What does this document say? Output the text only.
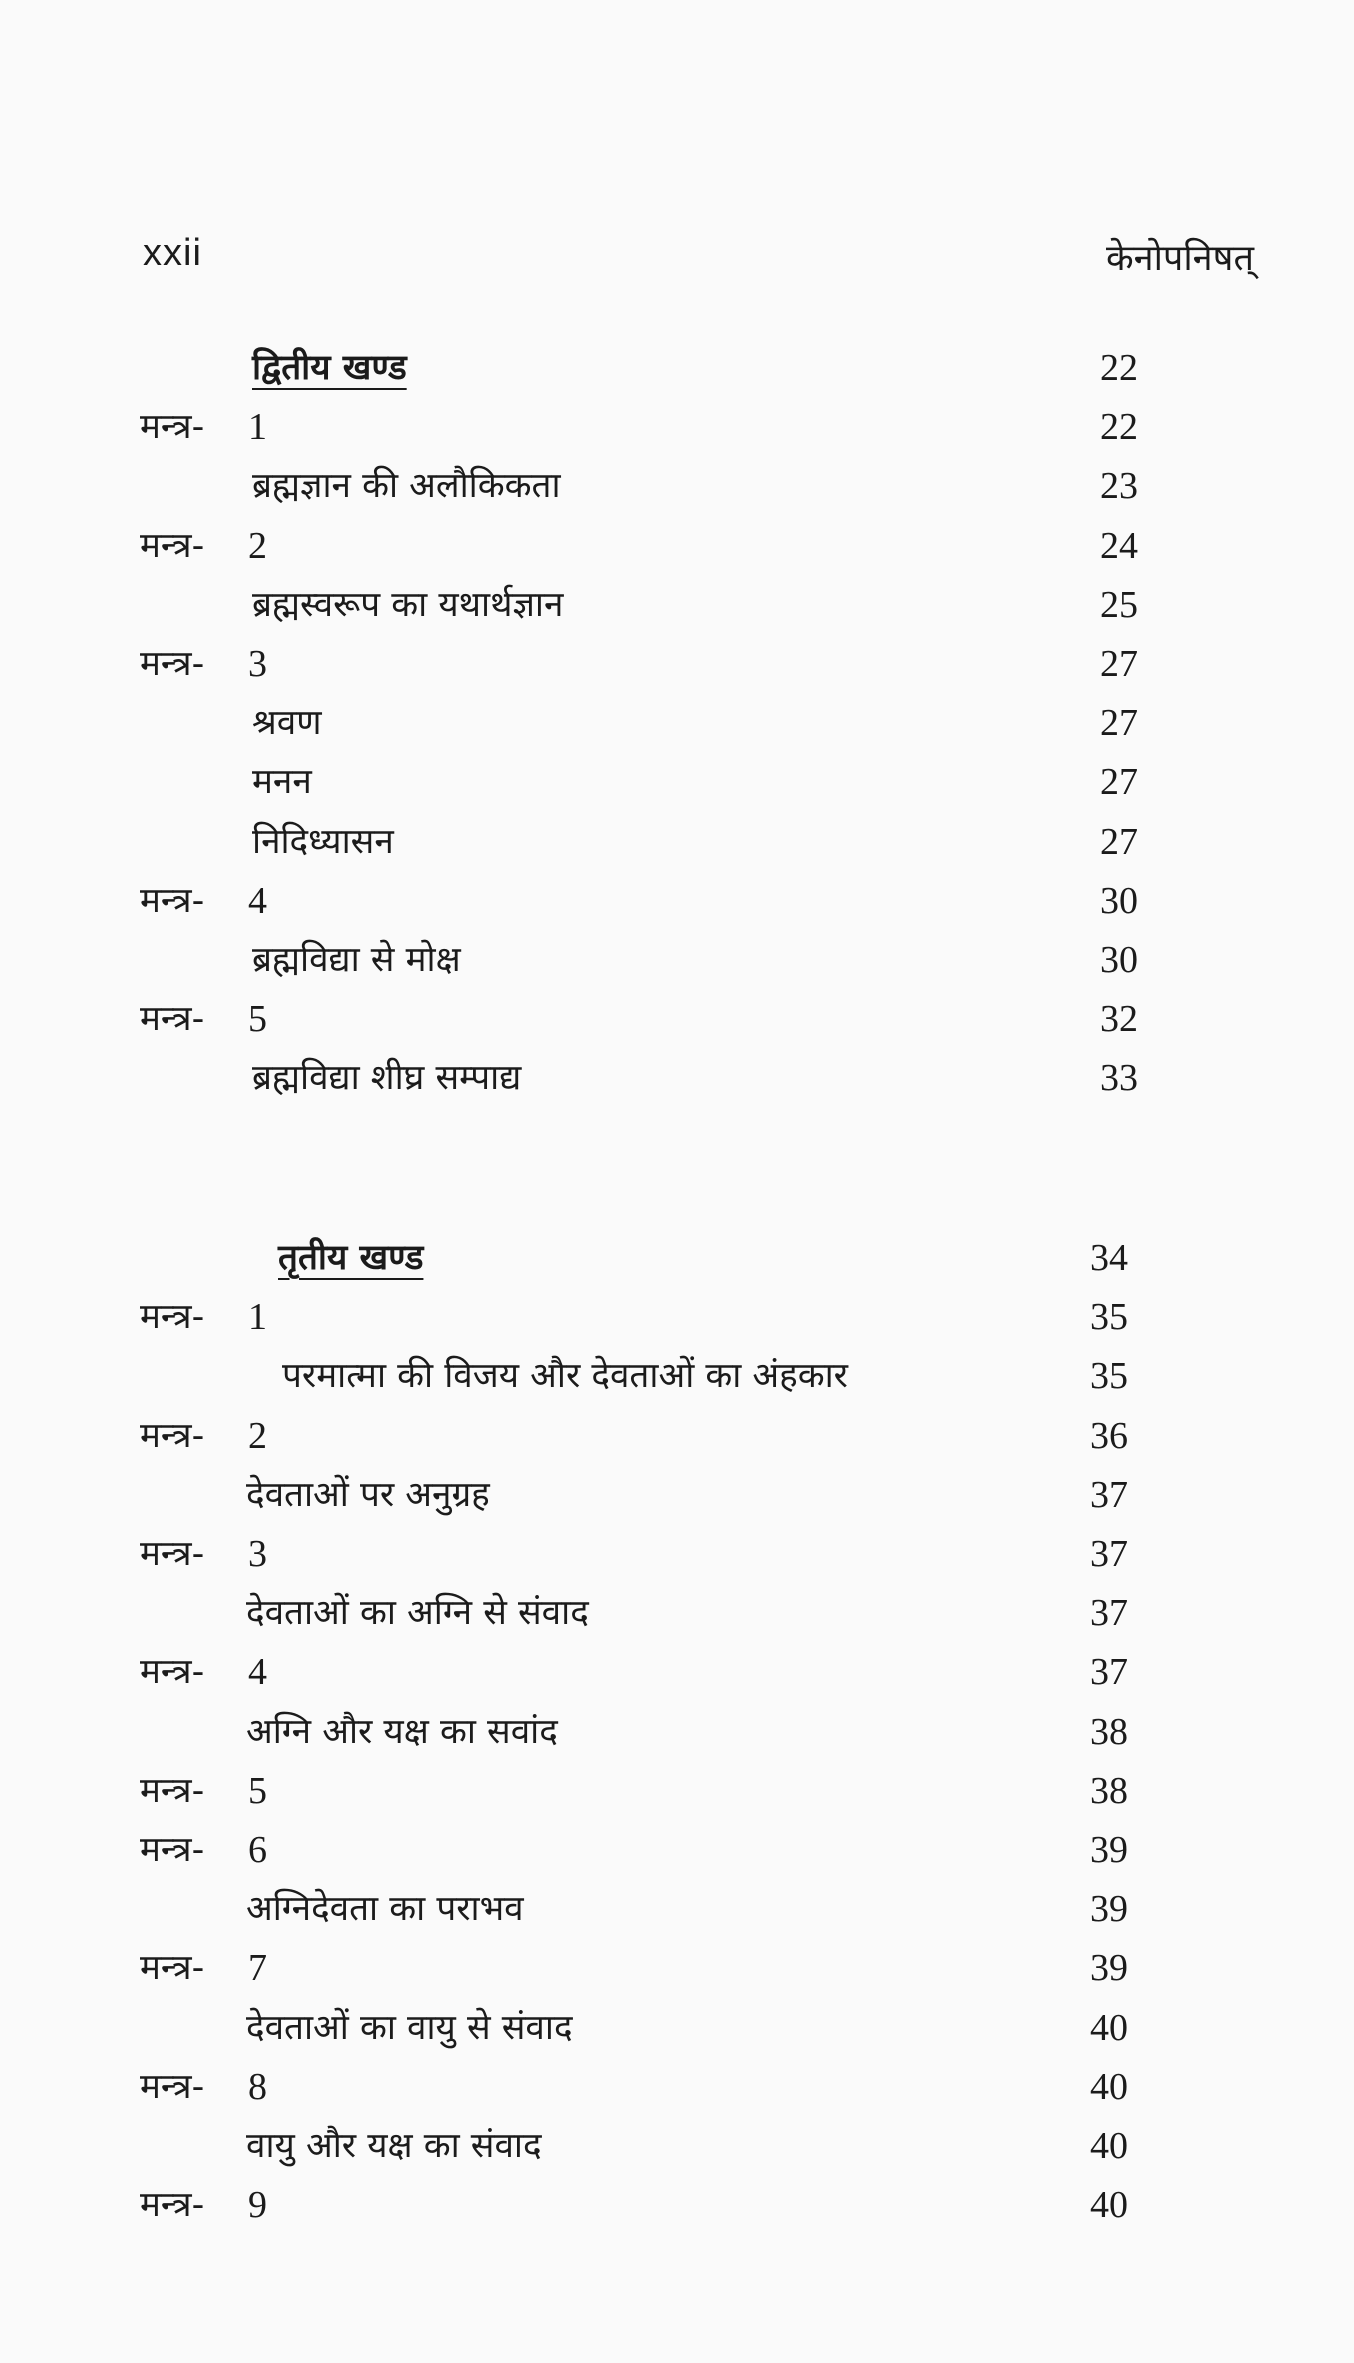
xxii	केनोपनिषत्
द्वितीय खण्ड	22
मन्त्र- 1	22
ब्रह्मज्ञान की अलौकिकता	23
मन्त्र- 2	24
ब्रह्मस्वरूप का यथार्थज्ञान	25
मन्त्र- 3	27
श्रवण	27
मनन	27
निदिध्यासन	27
मन्त्र- 4	30
ब्रह्मविद्या से मोक्ष	30
मन्त्र- 5	32
ब्रह्मविद्या शीघ्र सम्पाद्य	33
तृतीय खण्ड	34
मन्त्र- 1	35
परमात्मा की विजय और देवताओं का अंहकार	35
मन्त्र- 2	36
देवताओं पर अनुग्रह	37
मन्त्र- 3	37
देवताओं का अग्नि से संवाद	37
मन्त्र- 4	37
अग्नि और यक्ष का सवांद	38
मन्त्र- 5	38
मन्त्र- 6	39
अग्निदेवता का पराभव	39
मन्त्र- 7	39
देवताओं का वायु से संवाद	40
मन्त्र- 8	40
वायु और यक्ष का संवाद	40
मन्त्र- 9	40
